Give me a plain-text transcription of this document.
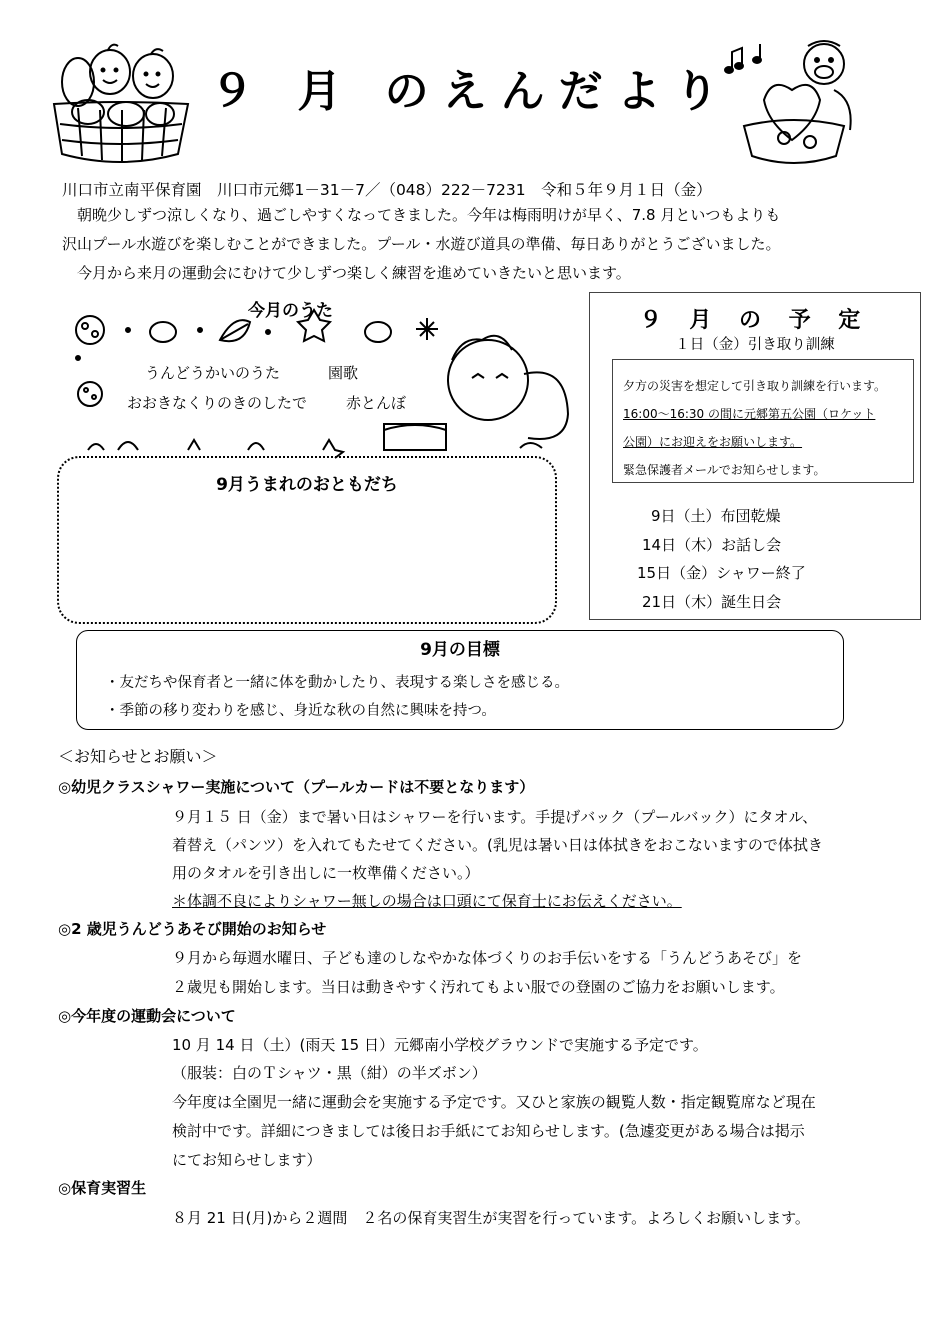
９ 月 のえんだより
川口市立南平保育園　川口市元郷1－31－7／（048）222－7231　令和５年９月１日（金）
　朝晩少しずつ涼しくなり、過ごしやすくなってきました。今年は梅雨明けが早く、7.8 月といつもよりも
沢山プール水遊びを楽しむことができました。プール・水遊び道具の準備、毎日ありがとうございました。
　今月から来月の運動会にむけて少しずつ楽しく練習を進めていきたいと思います。
今月のうた
うんどうかいのうた	園歌
おおきなくりのきのしたで	赤とんぼ
9月うまれのおともだち
９ 月 の 予 定
１日（金）引き取り訓練
夕方の災害を想定して引き取り訓練を行います。
16:00～16:30 の間に元郷第五公園（ロケット
公園）にお迎えをお願いします。
緊急保護者メールでお知らせします。
9日（土）布団乾燥
14日（木）お話し会
15日（金）シャワー終了
21日（木）誕生日会
9月の目標
・友だちや保育者と一緒に体を動かしたり、表現する楽しさを感じる。
・季節の移り変わりを感じ、身近な秋の自然に興味を持つ。
＜お知らせとお願い＞
◎幼児クラスシャワー実施について（プールカードは不要となります）
９月１５ 日（金）まで暑い日はシャワーを行います。手提げバック（プールバック）にタオル、
着替え（パンツ）を入れてもたせてください。(乳児は暑い日は体拭きをおこないますので体拭き
用のタオルを引き出しに一枚準備ください。）
＊体調不良によりシャワー無しの場合は口頭にて保育士にお伝えください。
◎2 歳児うんどうあそび開始のお知らせ
９月から毎週水曜日、子ども達のしなやかな体づくりのお手伝いをする「うんどうあそび」を
２歳児も開始します。当日は動きやすく汚れてもよい服での登園のご協力をお願いします。
◎今年度の運動会について
10 月 14 日（土）(雨天 15 日）元郷南小学校グラウンドで実施する予定です。
（服装：白のＴシャツ・黒（紺）の半ズボン）
今年度は全園児一緒に運動会を実施する予定です。又ひと家族の観覧人数・指定観覧席など現在
検討中です。詳細につきましては後日お手紙にてお知らせします。(急遽変更がある場合は掲示
にてお知らせします）
◎保育実習生
８月 21 日(月)から２週間　２名の保育実習生が実習を行っています。よろしくお願いします。
